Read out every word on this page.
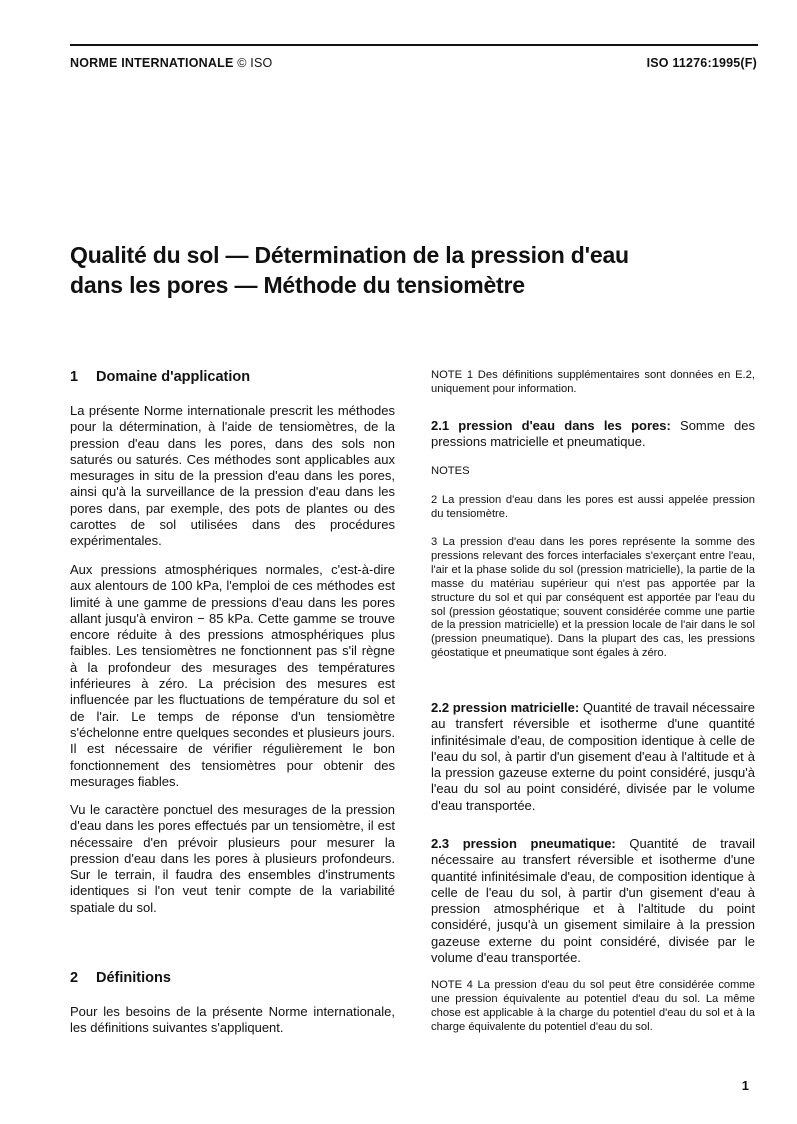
NORME INTERNATIONALE © ISO	ISO 11276:1995(F)
Qualité du sol — Détermination de la pression d'eau
dans les pores — Méthode du tensiomètre
1 Domaine d'application
La présente Norme internationale prescrit les méthodes pour la détermination, à l'aide de tensiomètres, de la pression d'eau dans les pores, dans des sols non saturés ou saturés. Ces méthodes sont applicables aux mesurages in situ de la pression d'eau dans les pores, ainsi qu'à la surveillance de la pression d'eau dans les pores dans, par exemple, des pots de plantes ou des carottes de sol utilisées dans des procédures expérimentales.
Aux pressions atmosphériques normales, c'est-à-dire aux alentours de 100 kPa, l'emploi de ces méthodes est limité à une gamme de pressions d'eau dans les pores allant jusqu'à environ − 85 kPa. Cette gamme se trouve encore réduite à des pressions atmosphériques plus faibles. Les tensiomètres ne fonctionnent pas s'il règne à la profondeur des mesurages des températures inférieures à zéro. La précision des mesures est influencée par les fluctuations de température du sol et de l'air. Le temps de réponse d'un tensiomètre s'échelonne entre quelques secondes et plusieurs jours. Il est nécessaire de vérifier régulièrement le bon fonctionnement des tensiomètres pour obtenir des mesurages fiables.
Vu le caractère ponctuel des mesurages de la pression d'eau dans les pores effectués par un tensiomètre, il est nécessaire d'en prévoir plusieurs pour mesurer la pression d'eau dans les pores à plusieurs profondeurs. Sur le terrain, il faudra des ensembles d'instruments identiques si l'on veut tenir compte de la variabilité spatiale du sol.
2 Définitions
Pour les besoins de la présente Norme internationale, les définitions suivantes s'appliquent.
NOTE 1 Des définitions supplémentaires sont données en E.2, uniquement pour information.
2.1 pression d'eau dans les pores: Somme des pressions matricielle et pneumatique.
NOTES
2 La pression d'eau dans les pores est aussi appelée pression du tensiomètre.
3 La pression d'eau dans les pores représente la somme des pressions relevant des forces interfaciales s'exerçant entre l'eau, l'air et la phase solide du sol (pression matricielle), la partie de la masse du matériau supérieur qui n'est pas apportée par la structure du sol et qui par conséquent est apportée par l'eau du sol (pression géostatique; souvent considérée comme une partie de la pression matricielle) et la pression locale de l'air dans le sol (pression pneumatique). Dans la plupart des cas, les pressions géostatique et pneumatique sont égales à zéro.
2.2 pression matricielle: Quantité de travail nécessaire au transfert réversible et isotherme d'une quantité infinitésimale d'eau, de composition identique à celle de l'eau du sol, à partir d'un gisement d'eau à l'altitude et à la pression gazeuse externe du point considéré, jusqu'à l'eau du sol au point considéré, divisée par le volume d'eau transportée.
2.3 pression pneumatique: Quantité de travail nécessaire au transfert réversible et isotherme d'une quantité infinitésimale d'eau, de composition identique à celle de l'eau du sol, à partir d'un gisement d'eau à pression atmosphérique et à l'altitude du point considéré, jusqu'à un gisement similaire à la pression gazeuse externe du point considéré, divisée par le volume d'eau transportée.
NOTE 4 La pression d'eau du sol peut être considérée comme une pression équivalente au potentiel d'eau du sol. La même chose est applicable à la charge du potentiel d'eau du sol et à la charge équivalente du potentiel d'eau du sol.
1
